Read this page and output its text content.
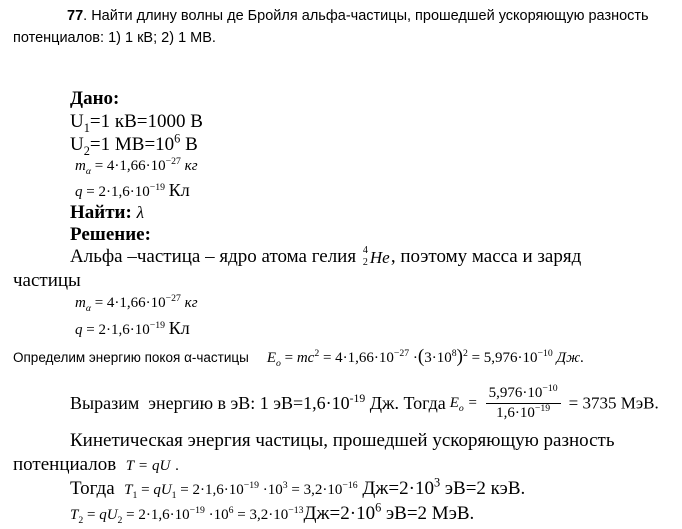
77. Найти длину волны де Бройля альфа-частицы, прошедшей ускоряющую разность
потенциалов: 1) 1 кВ; 2) 1 МВ.
Дано:
$U_1=1$ кВ=1000 В
$U_2=1$ $МВ=10^6$ В
$m_\alpha = 4\cdot 1,66\cdot 10^{-27}$ кг
$q = 2\cdot 1,6\cdot 10^{-19}$ Кл
Найти: λ
Решение:
Альфа –частица – ядро атома гелия 4
2 He , поэтому масса и заряд
частицы
$m_\alpha = 4\cdot 1,66\cdot 10^{-27}$ кг
$q = 2\cdot 1,6\cdot 10^{-19}$ Кл
Определим энергию покоя α-частицы $E_o = mc^2 = 4\cdot 1,66\cdot 10^{-27} \cdot(3\cdot 10^8)^2 = 5,976\cdot 10^{-10}$ Дж.
Выразим  энергию в эВ: 1 $эВ=1,6\cdot 10^{-19}$ Дж. Тогда $E_o = \frac{5,976\cdot 10^{-10}}{1,6\cdot 10^{-19}} = 3735$ МэВ.
Кинетическая энергия частицы, прошедшей ускоряющую разность
потенциалов T = qU .
Тогда $T_1 = qU_1 = 2\cdot 1,6\cdot 10^{-19} \cdot 10^3 = 3,2\cdot 10^{-16}$ $Дж=2\cdot 10^3$ эВ=2 кэВ.
$T_2 = qU_2 = 2\cdot 1,6\cdot 10^{-19} \cdot 10^6 = 3,2\cdot 10^{-13}Дж=2\cdot 10^6$ эВ=2 МэВ.
